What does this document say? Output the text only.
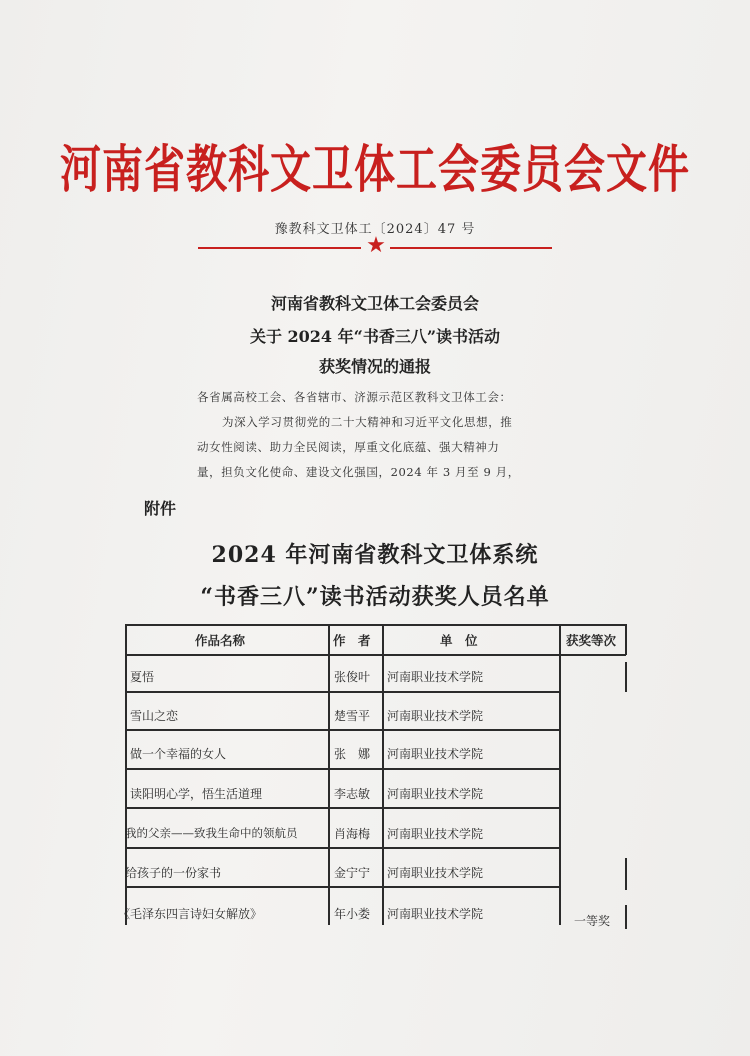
河南省教科文卫体工会委员会文件
豫教科文卫体工〔2024〕47 号
★
河南省教科文卫体工会委员会
关于 2024 年“书香三八”读书活动
获奖情况的通报
各省属高校工会、各省辖市、济源示范区教科文卫体工会：
为深入学习贯彻党的二十大精神和习近平文化思想，推
动女性阅读、助力全民阅读，厚重文化底蕴、强大精神力
量，担负文化使命、建设文化强国，2024 年 3 月至 9 月，
附件
2024 年河南省教科文卫体系统
“书香三八”读书活动获奖人员名单
作品名称	作　者	单　位	获奖等次
夏悟	张俊叶 河南职业技术学院
雪山之恋	楚雪平 河南职业技术学院
做一个幸福的女人	张　娜 河南职业技术学院
读阳明心学，悟生活道理	李志敏 河南职业技术学院
我的父亲——致我生命中的领航员	肖海梅 河南职业技术学院
给孩子的一份家书	金宁宁 河南职业技术学院
《毛泽东四言诗妇女解放》	年小娄 河南职业技术学院	一等奖
